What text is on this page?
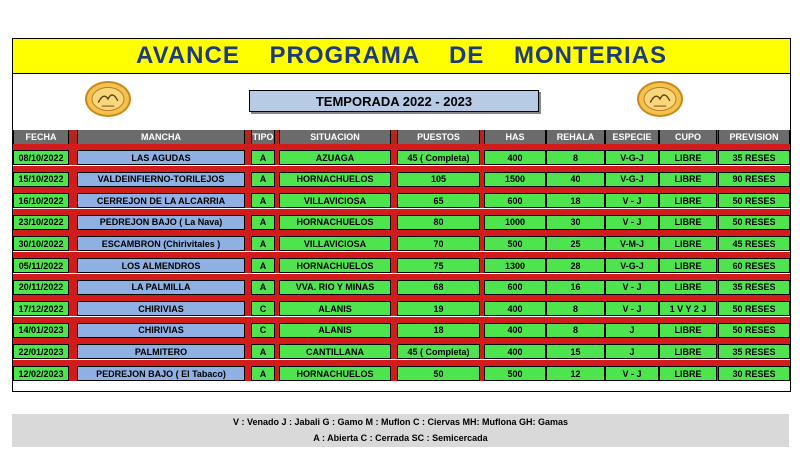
AVANCE PROGRAMA DE MONTERIAS
TEMPORADA 2022 - 2023
FECHA	MANCHA	TIPO	SITUACION	PUESTOS	HAS	REHALA	ESPECIE	CUPO	PREVISION
08/10/2022	LAS AGUDAS	A	AZUAGA	45 ( Completa)	400	8	V-G-J	LIBRE	35 RESES
15/10/2022	VALDEINFIERNO-TORILEJOS	A	HORNACHUELOS	105	1500	40	V-G-J	LIBRE	90 RESES
16/10/2022	CERREJON DE LA ALCARRIA	A	VILLAVICIOSA	65	600	18	V - J	LIBRE	50 RESES
23/10/2022	PEDREJON BAJO ( La Nava)	A	HORNACHUELOS	80	1000	30	V - J	LIBRE	50 RESES
30/10/2022	ESCAMBRON (Chirivitales )	A	VILLAVICIOSA	70	500	25	V-M-J	LIBRE	45 RESES
05/11/2022	LOS ALMENDROS	A	HORNACHUELOS	75	1300	28	V-G-J	LIBRE	60 RESES
20/11/2022	LA PALMILLA	A	VVA. RIO Y MINAS	68	600	16	V - J	LIBRE	35 RESES
17/12/2022	CHIRIVIAS	C	ALANIS	19	400	8	V - J	1 V Y 2 J	50 RESES
14/01/2023	CHIRIVIAS	C	ALANIS	18	400	8	J	LIBRE	50 RESES
22/01/2023	PALMITERO	A	CANTILLANA	45 ( Completa)	400	15	J	LIBRE	35 RESES
12/02/2023	PEDREJON BAJO ( El Tabaco)	A	HORNACHUELOS	50	500	12	V - J	LIBRE	30 RESES
V : Venado J : Jabali G : Gamo M : Muflon C : Ciervas MH: Muflona GH: Gamas
A : Abierta C : Cerrada SC : Semicercada
